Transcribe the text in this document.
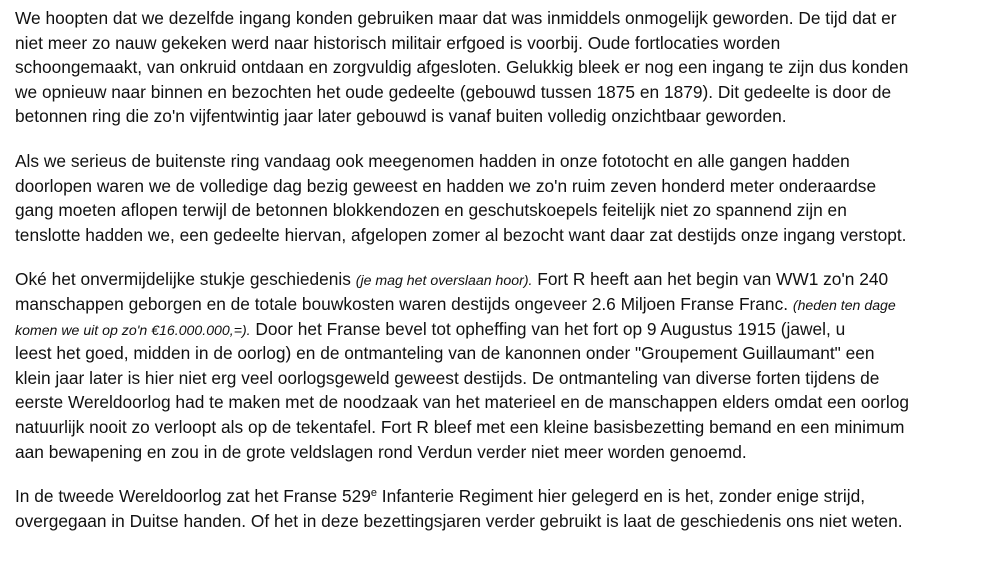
We hoopten dat we dezelfde ingang konden gebruiken maar dat was inmiddels onmogelijk geworden. De tijd dat er
niet meer zo nauw gekeken werd naar historisch militair erfgoed is voorbij. Oude fortlocaties worden
schoongemaakt, van onkruid ontdaan en zorgvuldig afgesloten. Gelukkig bleek er nog een ingang te zijn dus konden
we opnieuw naar binnen en bezochten het oude gedeelte (gebouwd tussen 1875 en 1879). Dit gedeelte is door de
betonnen ring die zo'n vijfentwintig jaar later gebouwd is vanaf buiten volledig onzichtbaar geworden.
Als we serieus de buitenste ring vandaag ook meegenomen hadden in onze fototocht en alle gangen hadden
doorlopen waren we de volledige dag bezig geweest en hadden we zo'n ruim zeven honderd meter onderaardse
gang moeten aflopen terwijl de betonnen blokkendozen en geschutskoepels feitelijk niet zo spannend zijn en
tenslotte hadden we, een gedeelte hiervan, afgelopen zomer al bezocht want daar zat destijds onze ingang verstopt.
Oké het onvermijdelijke stukje geschiedenis (je mag het overslaan hoor). Fort R heeft aan het begin van WW1 zo'n 240
manschappen geborgen en de totale bouwkosten waren destijds ongeveer 2.6 Miljoen Franse Franc. (heden ten dage
komen we uit op zo'n €16.000.000,=). Door het Franse bevel tot opheffing van het fort op 9 Augustus 1915 (jawel, u
leest het goed, midden in de oorlog) en de ontmanteling van de kanonnen onder "Groupement Guillaumant" een
klein jaar later is hier niet erg veel oorlogsgeweld geweest destijds. De ontmanteling van diverse forten tijdens de
eerste Wereldoorlog had te maken met de noodzaak van het materieel en de manschappen elders omdat een oorlog
natuurlijk nooit zo verloopt als op de tekentafel. Fort R bleef met een kleine basisbezetting bemand en een minimum
aan bewapening en zou in de grote veldslagen rond Verdun verder niet meer worden genoemd.
In de tweede Wereldoorlog zat het Franse 529e Infanterie Regiment hier gelegerd en is het, zonder enige strijd,
overgegaan in Duitse handen. Of het in deze bezettingsjaren verder gebruikt is laat de geschiedenis ons niet weten.
